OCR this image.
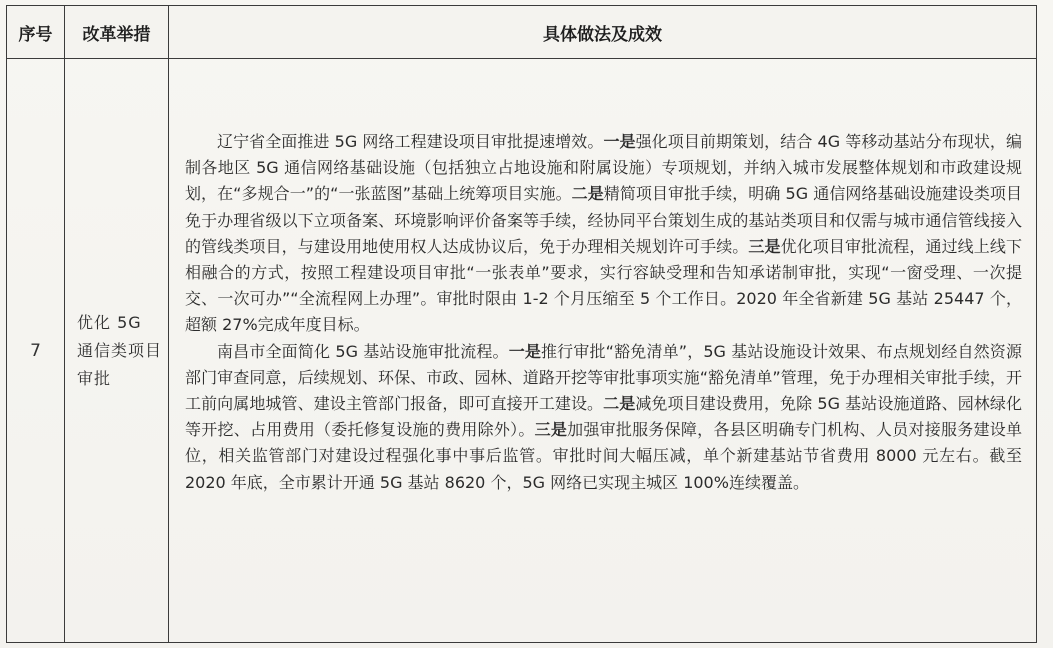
序号	改革举措	具体做法及成效
7	优化 5G 通信类项目审批	辽宁省全面推进 5G 网络工程建设项目审批提速增效。一是强化项目前期策划，结合 4G 等移动基站分布现状，编制各地区 5G 通信网络基础设施（包括独立占地设施和附属设施）专项规划，并纳入城市发展整体规划和市政建设规划，在“多规合一”的“一张蓝图”基础上统筹项目实施。二是精简项目审批手续，明确 5G 通信网络基础设施建设类项目免于办理省级以下立项备案、环境影响评价备案等手续，经协同平台策划生成的基站类项目和仅需与城市通信管线接入的管线类项目，与建设用地使用权人达成协议后，免于办理相关规划许可手续。三是优化项目审批流程，通过线上线下相融合的方式，按照工程建设项目审批“一张表单”要求，实行容缺受理和告知承诺制审批，实现“一窗受理、一次提交、一次可办”“全流程网上办理”。审批时限由 1-2 个月压缩至 5 个工作日。2020 年全省新建 5G 基站 25447 个，超额 27%完成年度目标。

南昌市全面简化 5G 基站设施审批流程。一是推行审批“豁免清单”，5G 基站设施设计效果、布点规划经自然资源部门审查同意，后续规划、环保、市政、园林、道路开挖等审批事项实施“豁免清单”管理，免于办理相关审批手续，开工前向属地城管、建设主管部门报备，即可直接开工建设。二是减免项目建设费用，免除 5G 基站设施道路、园林绿化等开挖、占用费用（委托修复设施的费用除外）。三是加强审批服务保障，各县区明确专门机构、人员对接服务建设单位，相关监管部门对建设过程强化事中事后监管。审批时间大幅压减，单个新建基站节省费用 8000 元左右。截至 2020 年底，全市累计开通 5G 基站 8620 个，5G 网络已实现主城区 100%连续覆盖。
